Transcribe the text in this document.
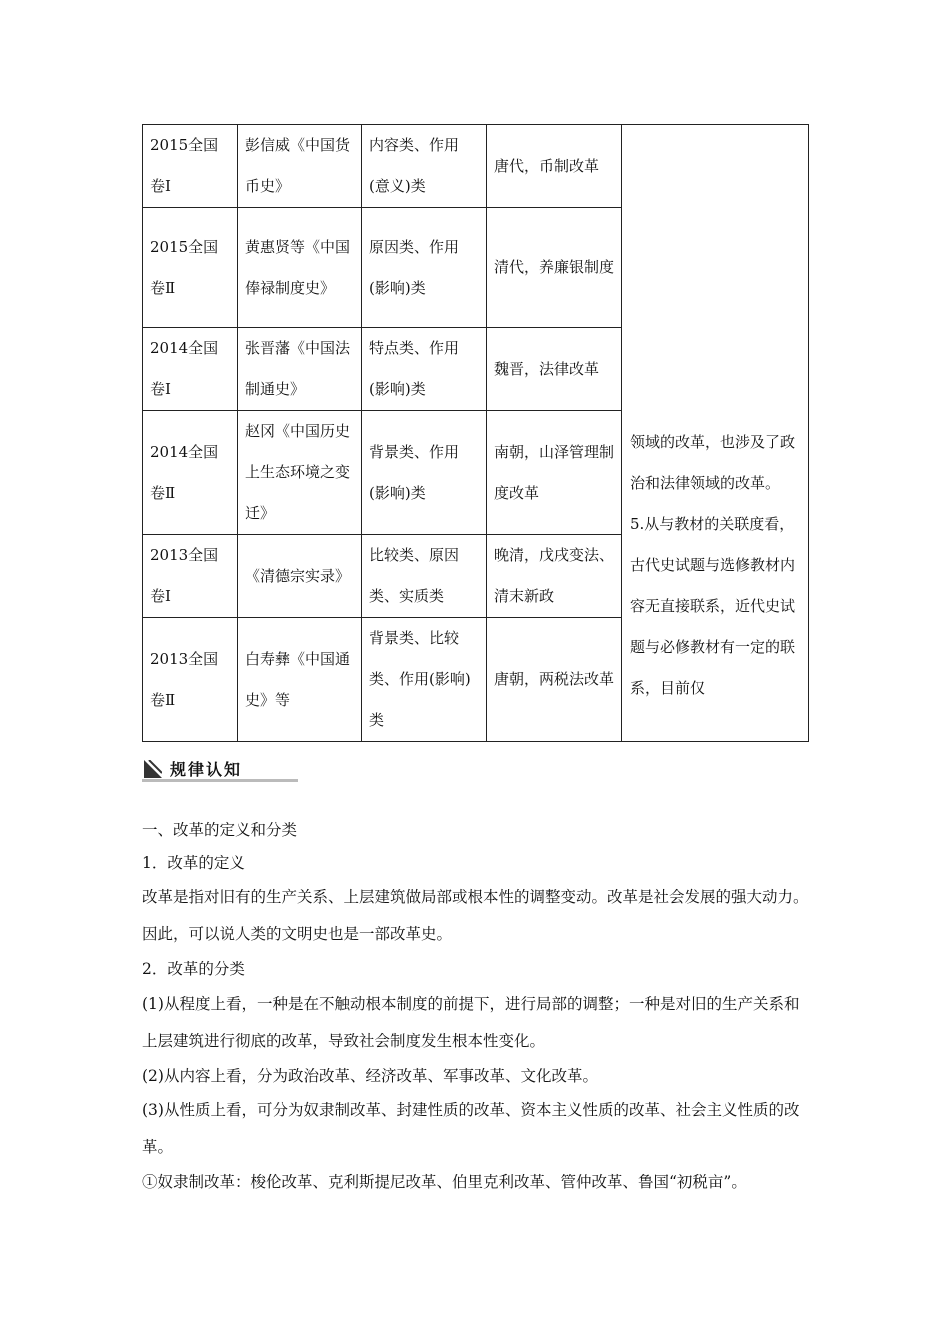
2015全国卷Ⅰ	彭信威《中国货币史》	内容类、作用(意义)类	唐代，币制改革	领域的改革，也涉及了政治和法律领域的改革。

5.从与教材的关联度看，古代史试题与选修教材内容无直接联系，近代史试题与必修教材有一定的联系，目前仅

2015全国卷Ⅱ	黄惠贤等《中国俸禄制度史》	原因类、作用(影响)类	清代，养廉银制度	
2014全国卷Ⅰ	张晋藩《中国法制通史》	特点类、作用(影响)类	魏晋，法律改革	
2014全国卷Ⅱ	赵冈《中国历史上生态环境之变迁》	背景类、作用(影响)类	南朝，山泽管理制度改革	
2013全国卷Ⅰ	《清德宗实录》	比较类、原因类、实质类	晚清，戊戌变法、清末新政	
2013全国卷Ⅱ	白寿彝《中国通史》等	背景类、比较类、作用(影响)类	唐朝，两税法改革	
规律认知

一、改革的定义和分类

1．改革的定义

改革是指对旧有的生产关系、上层建筑做局部或根本性的调整变动。改革是社会发展的强大动力。因此，可以说人类的文明史也是一部改革史。

2．改革的分类

(1)从程度上看，一种是在不触动根本制度的前提下，进行局部的调整；一种是对旧的生产关系和上层建筑进行彻底的改革，导致社会制度发生根本性变化。

(2)从内容上看，分为政治改革、经济改革、军事改革、文化改革。

(3)从性质上看，可分为奴隶制改革、封建性质的改革、资本主义性质的改革、社会主义性质的改革。

①奴隶制改革：梭伦改革、克利斯提尼改革、伯里克利改革、管仲改革、鲁国“初税亩”。
